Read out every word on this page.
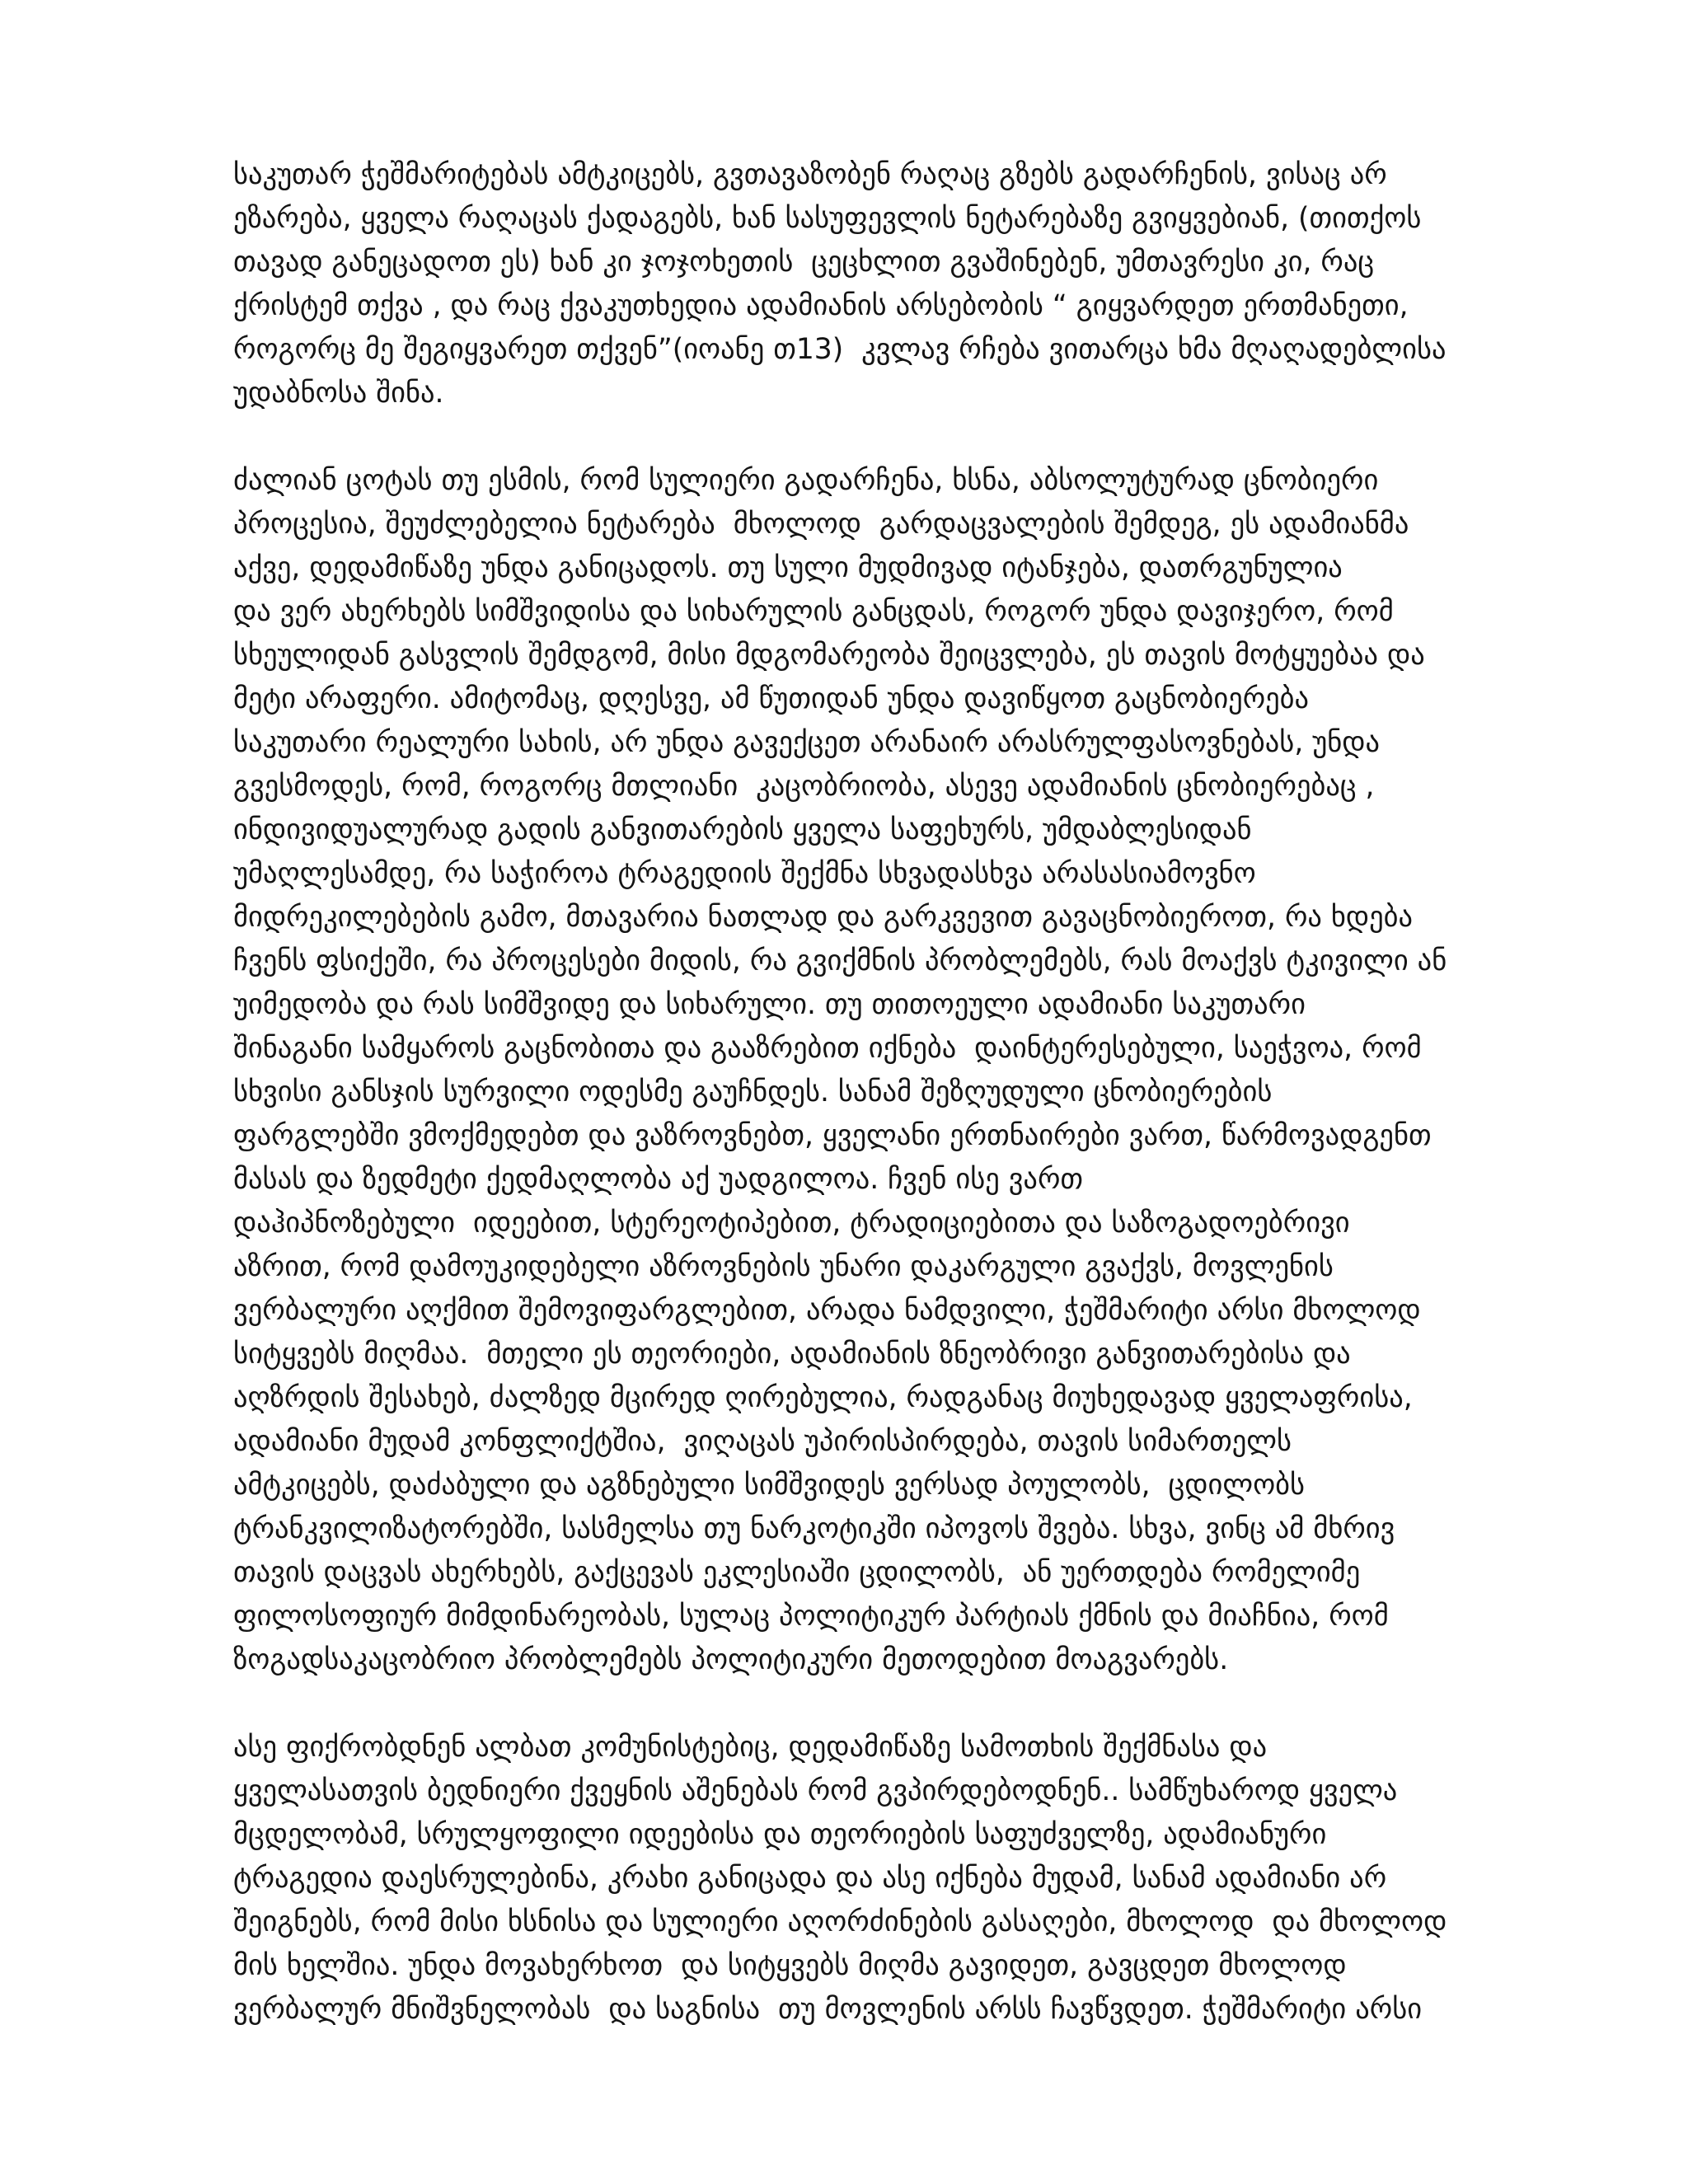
საკუთარ ჭეშმარიტებას ამტკიცებს, გვთავაზობენ რაღაც გზებს გადარჩენის, ვისაც არ
ეზარება, ყველა რაღაცას ქადაგებს, ხან სასუფევლის ნეტარებაზე გვიყვებიან, (თითქოს
თავად განეცადოთ ეს) ხან კი ჯოჯოხეთის  ცეცხლით გვაშინებენ, უმთავრესი კი, რაც
ქრისტემ თქვა , და რაც ქვაკუთხედია ადამიანის არსებობის “ გიყვარდეთ ერთმანეთი,
როგორც მე შეგიყვარეთ თქვენ”(იოანე თ13)  კვლავ რჩება ვითარცა ხმა მღაღადებლისა
უდაბნოსა შინა.
ძალიან ცოტას თუ ესმის, რომ სულიერი გადარჩენა, ხსნა, აბსოლუტურად ცნობიერი
პროცესია, შეუძლებელია ნეტარება  მხოლოდ  გარდაცვალების შემდეგ, ეს ადამიანმა
აქვე, დედამიწაზე უნდა განიცადოს. თუ სული მუდმივად იტანჯება, დათრგუნულია
და ვერ ახერხებს სიმშვიდისა და სიხარულის განცდას, როგორ უნდა დავიჯერო, რომ
სხეულიდან გასვლის შემდგომ, მისი მდგომარეობა შეიცვლება, ეს თავის მოტყუებაა და
მეტი არაფერი. ამიტომაც, დღესვე, ამ წუთიდან უნდა დავიწყოთ გაცნობიერება
საკუთარი რეალური სახის, არ უნდა გავექცეთ არანაირ არასრულფასოვნებას, უნდა
გვესმოდეს, რომ, როგორც მთლიანი  კაცობრიობა, ასევე ადამიანის ცნობიერებაც ,
ინდივიდუალურად გადის განვითარების ყველა საფეხურს, უმდაბლესიდან
უმაღლესამდე, რა საჭიროა ტრაგედიის შექმნა სხვადასხვა არასასიამოვნო
მიდრეკილებების გამო, მთავარია ნათლად და გარკვევით გავაცნობიეროთ, რა ხდება
ჩვენს ფსიქეში, რა პროცესები მიდის, რა გვიქმნის პრობლემებს, რას მოაქვს ტკივილი ან
უიმედობა და რას სიმშვიდე და სიხარული. თუ თითოეული ადამიანი საკუთარი
შინაგანი სამყაროს გაცნობითა და გააზრებით იქნება  დაინტერესებული, საეჭვოა, რომ
სხვისი განსჯის სურვილი ოდესმე გაუჩნდეს. სანამ შეზღუდული ცნობიერების
ფარგლებში ვმოქმედებთ და ვაზროვნებთ, ყველანი ერთნაირები ვართ, წარმოვადგენთ
მასას და ზედმეტი ქედმაღლობა აქ უადგილოა. ჩვენ ისე ვართ
დაჰიპნოზებული  იდეებით, სტერეოტიპებით, ტრადიციებითა და საზოგადოებრივი
აზრით, რომ დამოუკიდებელი აზროვნების უნარი დაკარგული გვაქვს, მოვლენის
ვერბალური აღქმით შემოვიფარგლებით, არადა ნამდვილი, ჭეშმარიტი არსი მხოლოდ
სიტყვებს მიღმაა.  მთელი ეს თეორიები, ადამიანის ზნეობრივი განვითარებისა და
აღზრდის შესახებ, ძალზედ მცირედ ღირებულია, რადგანაც მიუხედავად ყველაფრისა,
ადამიანი მუდამ კონფლიქტშია,  ვიღაცას უპირისპირდება, თავის სიმართელს
ამტკიცებს, დაძაბული და აგზნებული სიმშვიდეს ვერსად პოულობს,  ცდილობს
ტრანკვილიზატორებში, სასმელსა თუ ნარკოტიკში იპოვოს შვება. სხვა, ვინც ამ მხრივ
თავის დაცვას ახერხებს, გაქცევას ეკლესიაში ცდილობს,  ან უერთდება რომელიმე
ფილოსოფიურ მიმდინარეობას, სულაც პოლიტიკურ პარტიას ქმნის და მიაჩნია, რომ
ზოგადსაკაცობრიო პრობლემებს პოლიტიკური მეთოდებით მოაგვარებს.
ასე ფიქრობდნენ ალბათ კომუნისტებიც, დედამიწაზე სამოთხის შექმნასა და
ყველასათვის ბედნიერი ქვეყნის აშენებას რომ გვპირდებოდნენ.. სამწუხაროდ ყველა
მცდელობამ, სრულყოფილი იდეებისა და თეორიების საფუძველზე, ადამიანური
ტრაგედია დაესრულებინა, კრახი განიცადა და ასე იქნება მუდამ, სანამ ადამიანი არ
შეიგნებს, რომ მისი ხსნისა და სულიერი აღორძინების გასაღები, მხოლოდ  და მხოლოდ
მის ხელშია. უნდა მოვახერხოთ  და სიტყვებს მიღმა გავიდეთ, გავცდეთ მხოლოდ
ვერბალურ მნიშვნელობას  და საგნისა  თუ მოვლენის არსს ჩავწვდეთ. ჭეშმარიტი არსი
